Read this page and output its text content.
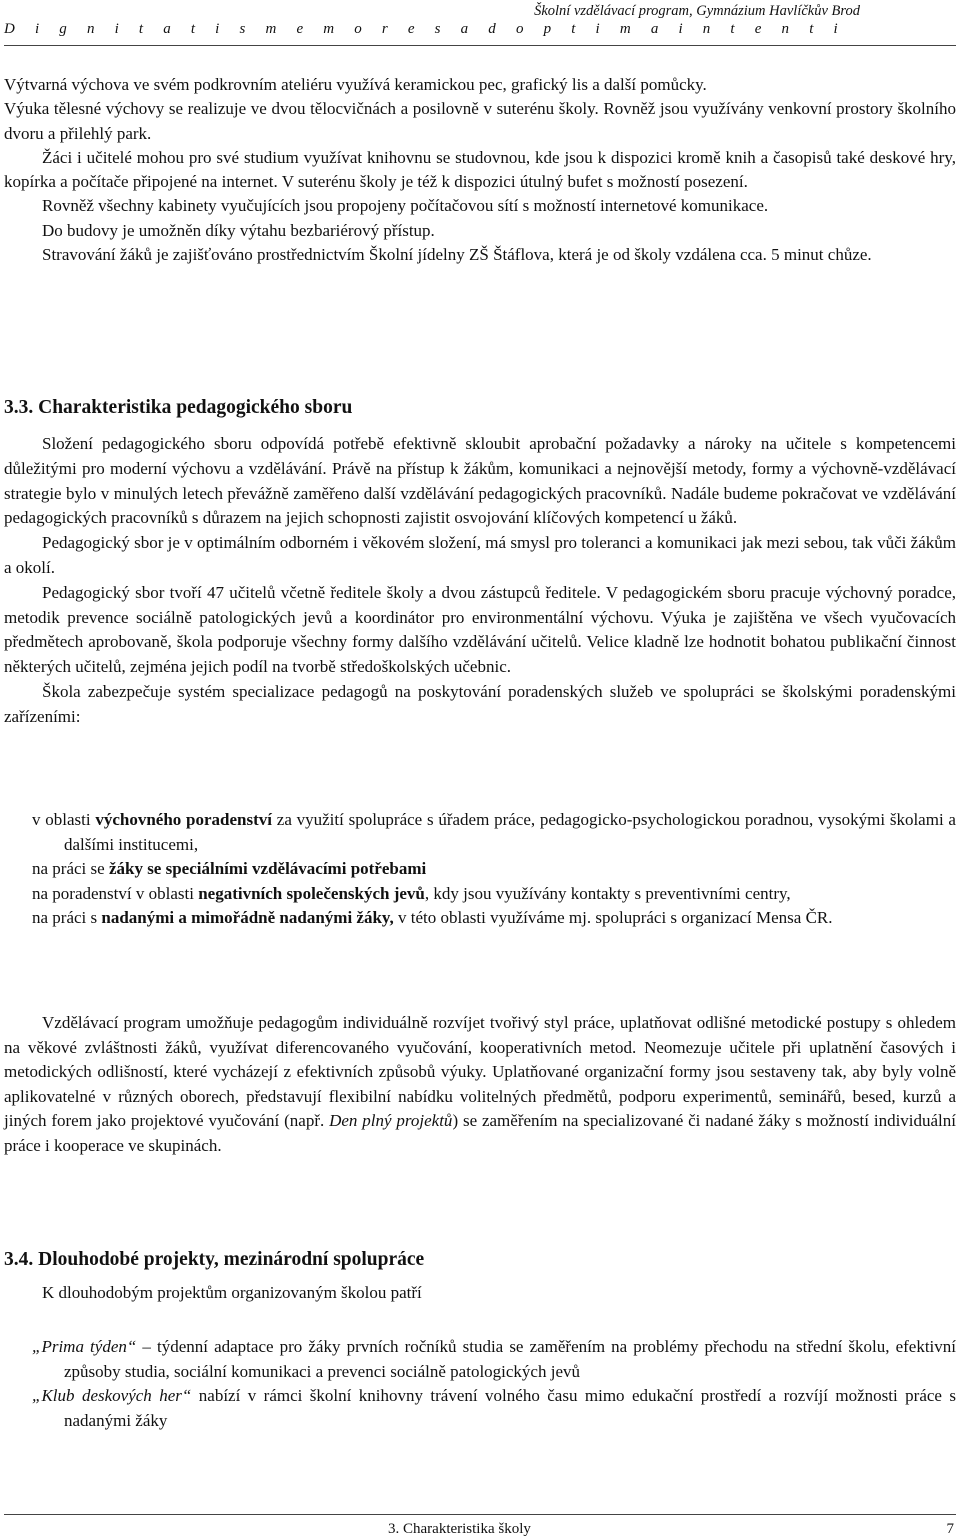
Školní vzdělávací program, Gymnázium Havlíčkův Brod
D i g n i t a t i s m e m o r e s a d o p t i m a i n t e n t i

Výtvarná výchova ve svém podkrovním ateliéru využívá keramickou pec, grafický lis a další pomůcky.

Výuka tělesné výchovy se realizuje ve dvou tělocvičnách a posilovně v suterénu školy. Rovněž jsou využívány venkovní prostory školního dvoru a přilehlý park.

Žáci i učitelé mohou pro své studium využívat knihovnu se studovnou, kde jsou k dispozici kromě knih a časopisů také deskové hry, kopírka a počítače připojené na internet. V suterénu školy je též k dispozici útulný bufet s možností posezení.

Rovněž všechny kabinety vyučujících jsou propojeny počítačovou sítí s možností internetové komunikace.

Do budovy je umožněn díky výtahu bezbariérový přístup.

Stravování žáků je zajišťováno prostřednictvím Školní jídelny ZŠ Štáflova, která je od školy vzdálena cca. 5 minut chůze.

3.3. Charakteristika pedagogického sboru

Složení pedagogického sboru odpovídá potřebě efektivně skloubit aprobační požadavky a nároky na učitele s kompetencemi důležitými pro moderní výchovu a vzdělávání. Právě na přístup k žákům, komunikaci a nejnovější metody, formy a výchovně-vzdělávací strategie bylo v minulých letech převážně zaměřeno další vzdělávání pedagogických pracovníků. Nadále budeme pokračovat ve vzdělávání pedagogických pracovníků s důrazem na jejich schopnosti zajistit osvojování klíčových kompetencí u žáků.

Pedagogický sbor je v optimálním odborném i věkovém složení, má smysl pro toleranci a komunikaci jak mezi sebou, tak vůči žákům a okolí.

Pedagogický sbor tvoří 47 učitelů včetně ředitele školy a dvou zástupců ředitele. V pedagogickém sboru pracuje výchovný poradce, metodik prevence sociálně patologických jevů a koordinátor pro environmentální výchovu. Výuka je zajištěna ve všech vyučovacích předmětech aprobovaně, škola podporuje všechny formy dalšího vzdělávání učitelů. Velice kladně lze hodnotit bohatou publikační činnost některých učitelů, zejména jejich podíl na tvorbě středoškolských učebnic.

Škola zabezpečuje systém specializace pedagogů na poskytování poradenských služeb ve spolupráci se školskými poradenskými zařízeními:

v oblasti výchovného poradenství za využití spolupráce s úřadem práce, pedagogicko-psychologickou poradnou, vysokými školami a dalšími institucemi,
na práci se žáky se speciálními vzdělávacími potřebami
na poradenství v oblasti negativních společenských jevů, kdy jsou využívány kontakty s preventivními centry,
na práci s nadanými a mimořádně nadanými žáky, v této oblasti využíváme mj. spolupráci s organizací Mensa ČR.

Vzdělávací program umožňuje pedagogům individuálně rozvíjet tvořivý styl práce, uplatňovat odlišné metodické postupy s ohledem na věkové zvláštnosti žáků, využívat diferencovaného vyučování, kooperativních metod. Neomezuje učitele při uplatnění časových i metodických odlišností, které vycházejí z efektivních způsobů výuky. Uplatňované organizační formy jsou sestaveny tak, aby byly volně aplikovatelné v různých oborech, představují flexibilní nabídku volitelných předmětů, podporu experimentů, seminářů, besed, kurzů a jiných forem jako projektové vyučování (např. Den plný projektů) se zaměřením na specializované či nadané žáky s možností individuální práce i kooperace ve skupinách.

3.4. Dlouhodobé projekty, mezinárodní spolupráce

K dlouhodobým projektům organizovaným školou patří

„Prima týden“ – týdenní adaptace pro žáky prvních ročníků studia se zaměřením na problémy přechodu na střední školu, efektivní způsoby studia, sociální komunikaci a prevenci sociálně patologických jevů
„Klub deskových her“ nabízí v rámci školní knihovny trávení volného času mimo edukační prostředí a rozvíjí možnosti práce s nadanými žáky
3. Charakteristika školy	7
